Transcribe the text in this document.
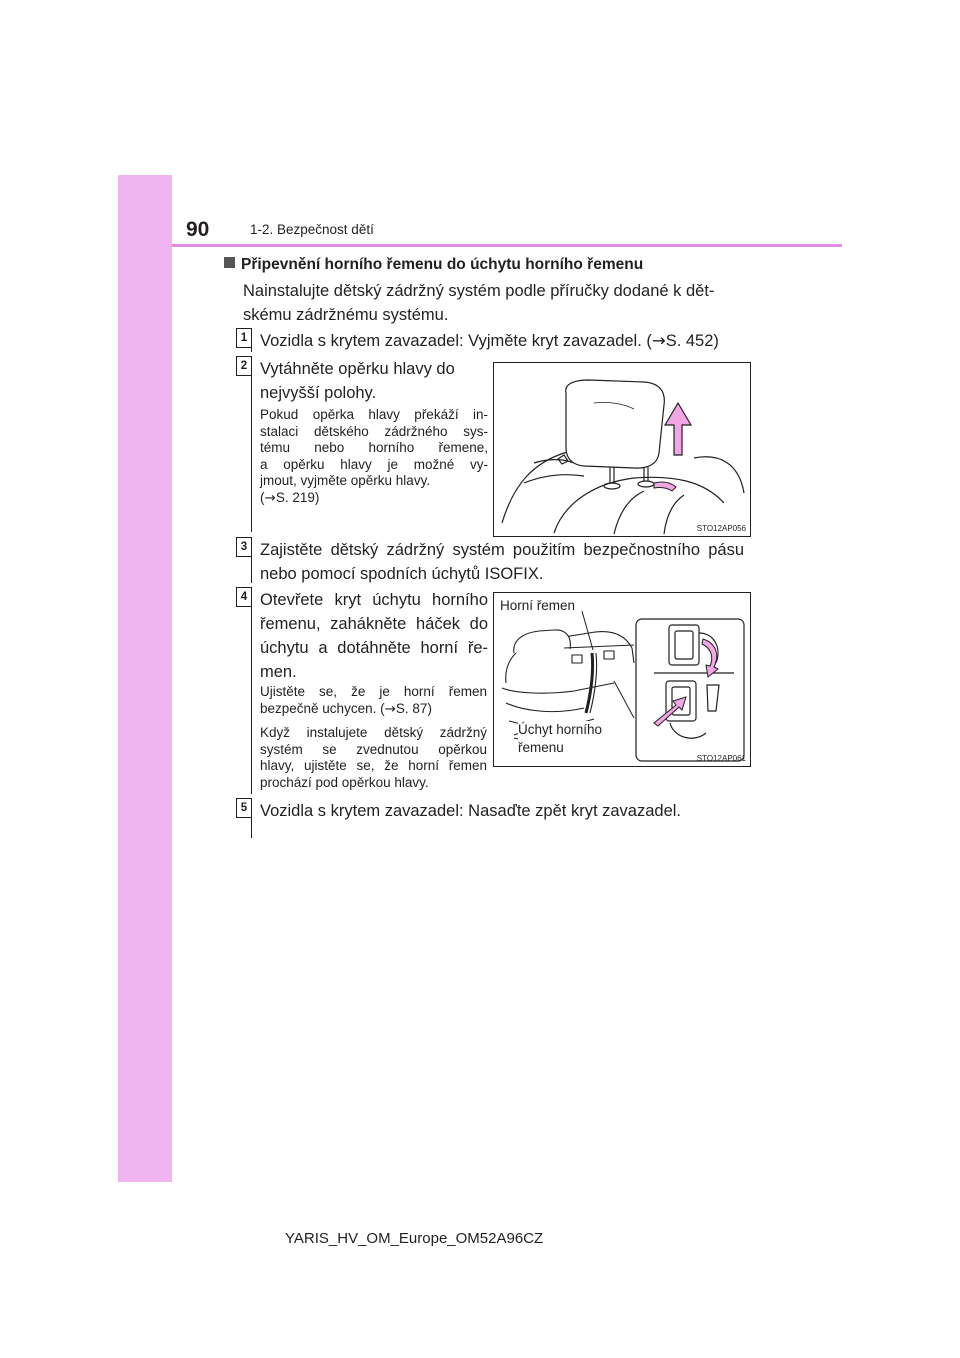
90	1-2. Bezpečnost dětí
Připevnění horního řemenu do úchytu horního řemenu
Nainstalujte dětský zádržný systém podle příručky dodané k dět-
skému zádržnému systému.
1 Vozidla s krytem zavazadel: Vyjměte kryt zavazadel. (→S. 452)
2 Vytáhněte opěrku hlavy do
nejvyšší polohy.
Pokud opěrka hlavy překáží in-
stalaci dětského zádržného sys-
tému nebo horního řemene,
a opěrku hlavy je možné vy-
jmout, vyjměte opěrku hlavy.
(→S. 219)
STO12AP056
3 Zajistěte dětský zádržný systém použitím bezpečnostního pásu
nebo pomocí spodních úchytů ISOFIX.
4 Otevřete kryt úchytu horního
řemenu, zahákněte háček do
úchytu a dotáhněte horní ře-
men.
Ujistěte se, že je horní řemen
bezpečně uchycen. (→S. 87)
Když instalujete dětský zádržný
systém se zvednutou opěrkou
hlavy, ujistěte se, že horní řemen
prochází pod opěrkou hlavy.
Horní řemen
Úchyt horního
řemenu
STO12AP061
5 Vozidla s krytem zavazadel: Nasaďte zpět kryt zavazadel.
YARIS_HV_OM_Europe_OM52A96CZ
